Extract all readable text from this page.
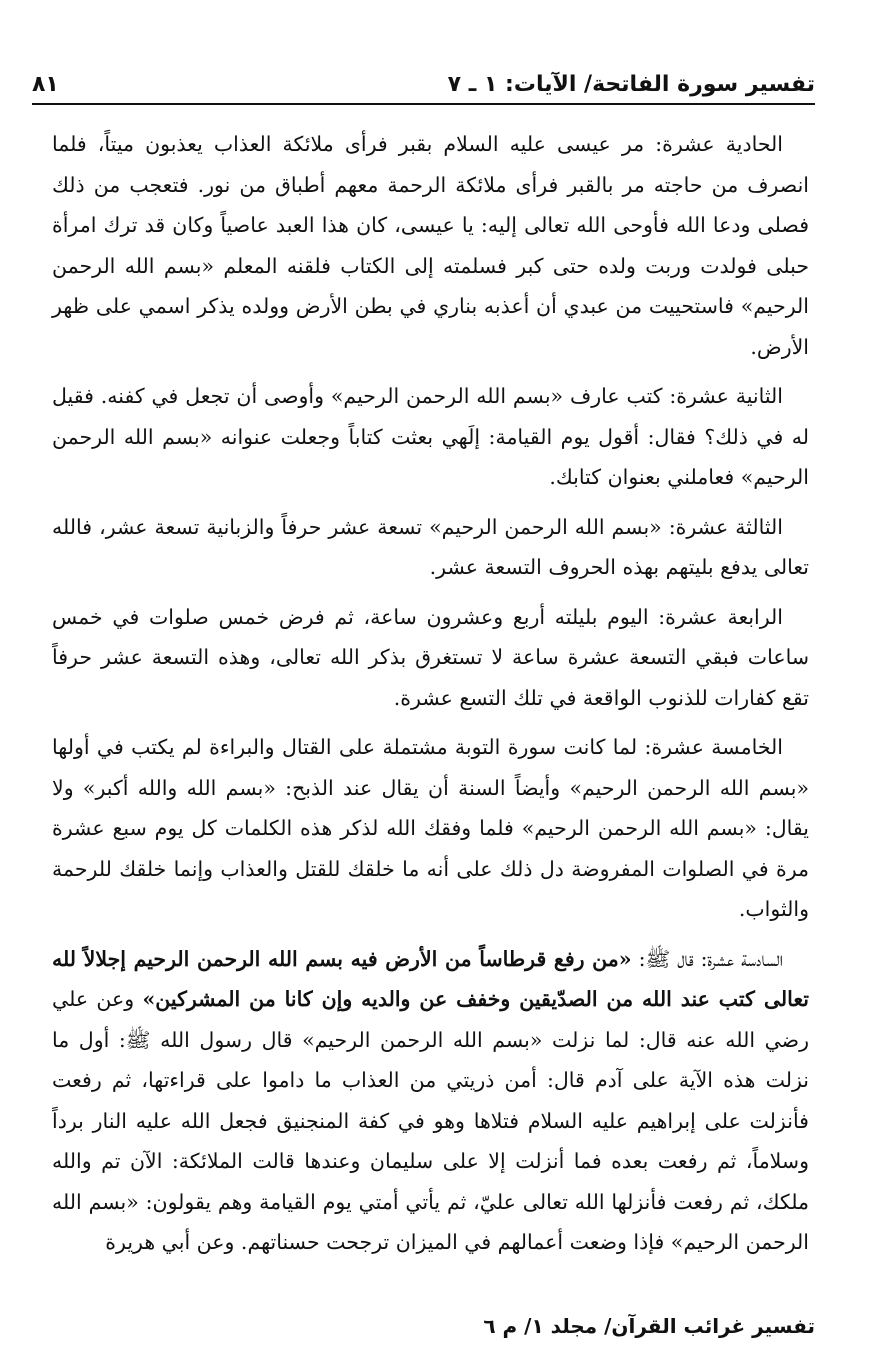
تفسير سورة الفاتحة/ الآيات: ١ ـ ٧
٨١

الحادية عشرة: مر عيسى عليه السلام بقبر فرأى ملائكة العذاب يعذبون ميتاً، فلما انصرف من حاجته مر بالقبر فرأى ملائكة الرحمة معهم أطباق من نور. فتعجب من ذلك فصلى ودعا الله فأوحى الله تعالى إليه: يا عيسى، كان هذا العبد عاصياً وكان قد ترك امرأة حبلى فولدت وربت ولده حتى كبر فسلمته إلى الكتاب فلقنه المعلم «بسم الله الرحمن الرحيم» فاستحييت من عبدي أن أعذبه بناري في بطن الأرض وولده يذكر اسمي على ظهر الأرض.

الثانية عشرة: كتب عارف «بسم الله الرحمن الرحيم» وأوصى أن تجعل في كفنه. فقيل له في ذلك؟ فقال: أقول يوم القيامة: إلَهي بعثت كتاباً وجعلت عنوانه «بسم الله الرحمن الرحيم» فعاملني بعنوان كتابك.

الثالثة عشرة: «بسم الله الرحمن الرحيم» تسعة عشر حرفاً والزبانية تسعة عشر، فالله تعالى يدفع بليتهم بهذه الحروف التسعة عشر.

الرابعة عشرة: اليوم بليلته أربع وعشرون ساعة، ثم فرض خمس صلوات في خمس ساعات فبقي التسعة عشرة ساعة لا تستغرق بذكر الله تعالى، وهذه التسعة عشر حرفاً تقع كفارات للذنوب الواقعة في تلك التسع عشرة.

الخامسة عشرة: لما كانت سورة التوبة مشتملة على القتال والبراءة لم يكتب في أولها «بسم الله الرحمن الرحيم» وأيضاً السنة أن يقال عند الذبح: «بسم الله والله أكبر» ولا يقال: «بسم الله الرحمن الرحيم» فلما وفقك الله لذكر هذه الكلمات كل يوم سبع عشرة مرة في الصلوات المفروضة دل ذلك على أنه ما خلقك للقتل والعذاب وإنما خلقك للرحمة والثواب.

السادسة عشرة: قال ﷺ: «من رفع قرطاساً من الأرض فيه بسم الله الرحمن الرحيم إجلالاً لله تعالى كتب عند الله من الصدّيقين وخفف عن والديه وإن كانا من المشركين» وعن علي رضي الله عنه قال: لما نزلت «بسم الله الرحمن الرحيم» قال رسول الله ﷺ: أول ما نزلت هذه الآية على آدم قال: أمن ذريتي من العذاب ما داموا على قراءتها، ثم رفعت فأنزلت على إبراهيم عليه السلام فتلاها وهو في كفة المنجنيق فجعل الله عليه النار برداً وسلاماً، ثم رفعت بعده فما أنزلت إلا على سليمان وعندها قالت الملائكة: الآن تم والله ملكك، ثم رفعت فأنزلها الله تعالى عليّ، ثم يأتي أمتي يوم القيامة وهم يقولون: «بسم الله الرحمن الرحيم» فإذا وضعت أعمالهم في الميزان ترجحت حسناتهم. وعن أبي هريرة

تفسير غرائب القرآن/ مجلد ١/ م ٦
